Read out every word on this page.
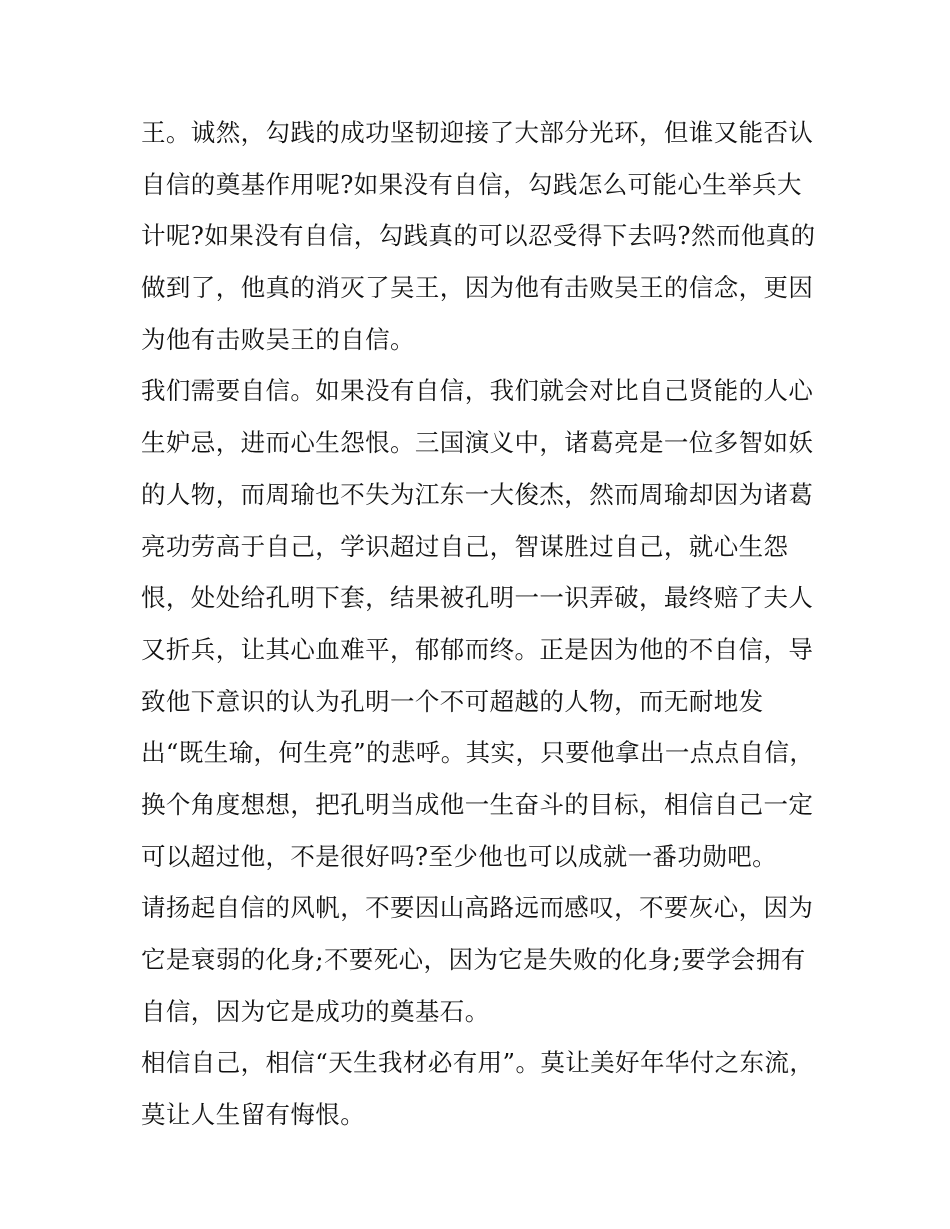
王。诚然，勾践的成功坚韧迎接了大部分光环，但谁又能否认
自信的奠基作用呢?如果没有自信，勾践怎么可能心生举兵大
计呢?如果没有自信，勾践真的可以忍受得下去吗?然而他真的
做到了，他真的消灭了吴王，因为他有击败吴王的信念，更因
为他有击败吴王的自信。
我们需要自信。如果没有自信，我们就会对比自己贤能的人心
生妒忌，进而心生怨恨。三国演义中，诸葛亮是一位多智如妖
的人物，而周瑜也不失为江东一大俊杰，然而周瑜却因为诸葛
亮功劳高于自己，学识超过自己，智谋胜过自己，就心生怨
恨，处处给孔明下套，结果被孔明一一识弄破，最终赔了夫人
又折兵，让其心血难平，郁郁而终。正是因为他的不自信，导
致他下意识的认为孔明一个不可超越的人物，而无耐地发
出“既生瑜，何生亮”的悲呼。其实，只要他拿出一点点自信，
换个角度想想，把孔明当成他一生奋斗的目标，相信自己一定
可以超过他，不是很好吗?至少他也可以成就一番功勋吧。
请扬起自信的风帆，不要因山高路远而感叹，不要灰心，因为
它是衰弱的化身;不要死心，因为它是失败的化身;要学会拥有
自信，因为它是成功的奠基石。
相信自己，相信“天生我材必有用”。莫让美好年华付之东流，
莫让人生留有悔恨。
